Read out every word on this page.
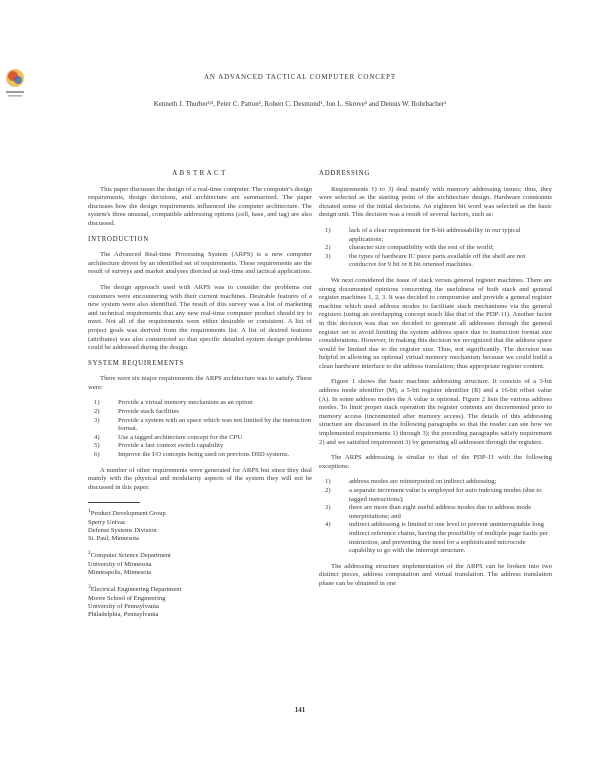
AN ADVANCED TACTICAL COMPUTER CONCEPT
Kenneth J. Thurber¹ʲ³, Peter C. Patton², Robert C. Desmond¹, Jon L. Skrove³ and Dennis W. Rohrbacher¹
ABSTRACT

This paper discusses the design of a real-time computer. The computer's design requirements, design decisions, and architecture are summarized. The paper discusses how the design requirements influenced the computer architecture. The system's three unusual, compatible addressing options (cell, base, and tag) are also discussed.

INTRODUCTION

The Advanced Real-time Processing System (ARPS) is a new computer architecture driven by an identified set of requirements. These requirements are the result of surveys and market analyses directed at real-time and tactical applications.

The design approach used with ARPS was to consider the problems our customers were encountering with their current machines. Desirable features of a new system were also identified. The result of this survey was a list of marketing and technical requirements that any new real-time computer product should try to meet. Not all of the requirements were either desirable or consistent. A list of project goals was derived from the requirements list. A list of desired features (attributes) was also constructed so that specific detailed system design problems could be addressed during the design.

SYSTEM REQUIREMENTS

There were six major requirements the ARPS architecture was to satisfy. These were:

1)	Provide a virtual memory mechanism as an option
2)	Provide stack facilities
3)	Provide a system with an space which was not limited by the instruction format.
4)	Use a tagged architecture concept for the CPU
5)	Provide a fast context switch capability
6)	Improve the I/O concepts being used on previous DSD systems.

A number of other requirements were generated for ARPS but since they deal mainly with the physical and modularity aspects of the system they will not be discussed in this paper.

$^1$Product Development Group
Sperry Univac
Defense Systems Division
St. Paul, Minnesota
$^2$Computer Science Department
University of Minnesota
Minneapolis, Minnesota
$^3$Electrical Engineering Department
Moore School of Engineering
University of Pennsylvania
Philadelphia, Pennsylvania
ADDRESSING

Requirements 1) to 3) deal mainly with memory addressing issues; thus, they were selected as the starting point of the architecture design. Hardware constraints dictated some of the initial decisions. An eighteen bit word was selected as the basic design unit. This decision was a result of several factors, such as:

1)	lack of a clear requirement for 8-bit addressability in our typical applications;
2)	character size compatibility with the rest of the world;
3)	the types of hardware IC piece parts available off the shelf are not conducive for 9 bit or 8 bit oriented machines.

We next considered the issue of stack versus general register machines. There are strong documented opinions concerning the usefulness of both stack and general register machines 1, 2, 3. It was decided to compromise and provide a general register machine which used address modes to facilitate stack mechanisms via the general registers (using an overlapping concept much like that of the PDP-11). Another factor in this decision was that we decided to generate all addresses through the general register set to avoid limiting the system address space due to instruction format size considerations. However, in making this decision we recognized that the address space would be limited due to the register size. Thus, not significantly. The decision was helpful in allowing us optional virtual memory mechanism because we could build a clean hardware interface to the address translation; thus appropriate register content.

Figure 1 shows the basic machine addressing structure. It consists of a 3-bit address mode identifier (M), a 5-bit register identifier (R) and a 16-bit offset value (A). In some address modes the A value is optional. Figure 2 lists the various address modes. To limit proper stack operation the register contents are decremented prior to memory access (incremented after memory access). The details of this addressing structure are discussed in the following paragraphs so that the reader can see how we implemented requirements 1) through 3); the preceding paragraphs satisfy requirement 2) and we satisfied requirement 3) by generating all addresses through the registers.

The ARPS addressing is similar to that of the PDP-11 with the following exceptions:

1)	address modes are reinterpreted on indirect addressing;
2)	a separate increment value is employed for auto indexing modes (due to tagged instructions);
3)	there are more than eight useful address modes due to address mode interpretations; and
4)	indirect addressing is limited to one level to prevent uninterruptable long indirect reference chains, having the possibility of multiple page faults per instruction, and preventing the need for a sophisticated microcode capability to go with the interrupt structure.

The addressing structure implementation of the ARPS can be broken into two distinct pieces, address computation and virtual translation. The address translation phase can be obtained in one

141
